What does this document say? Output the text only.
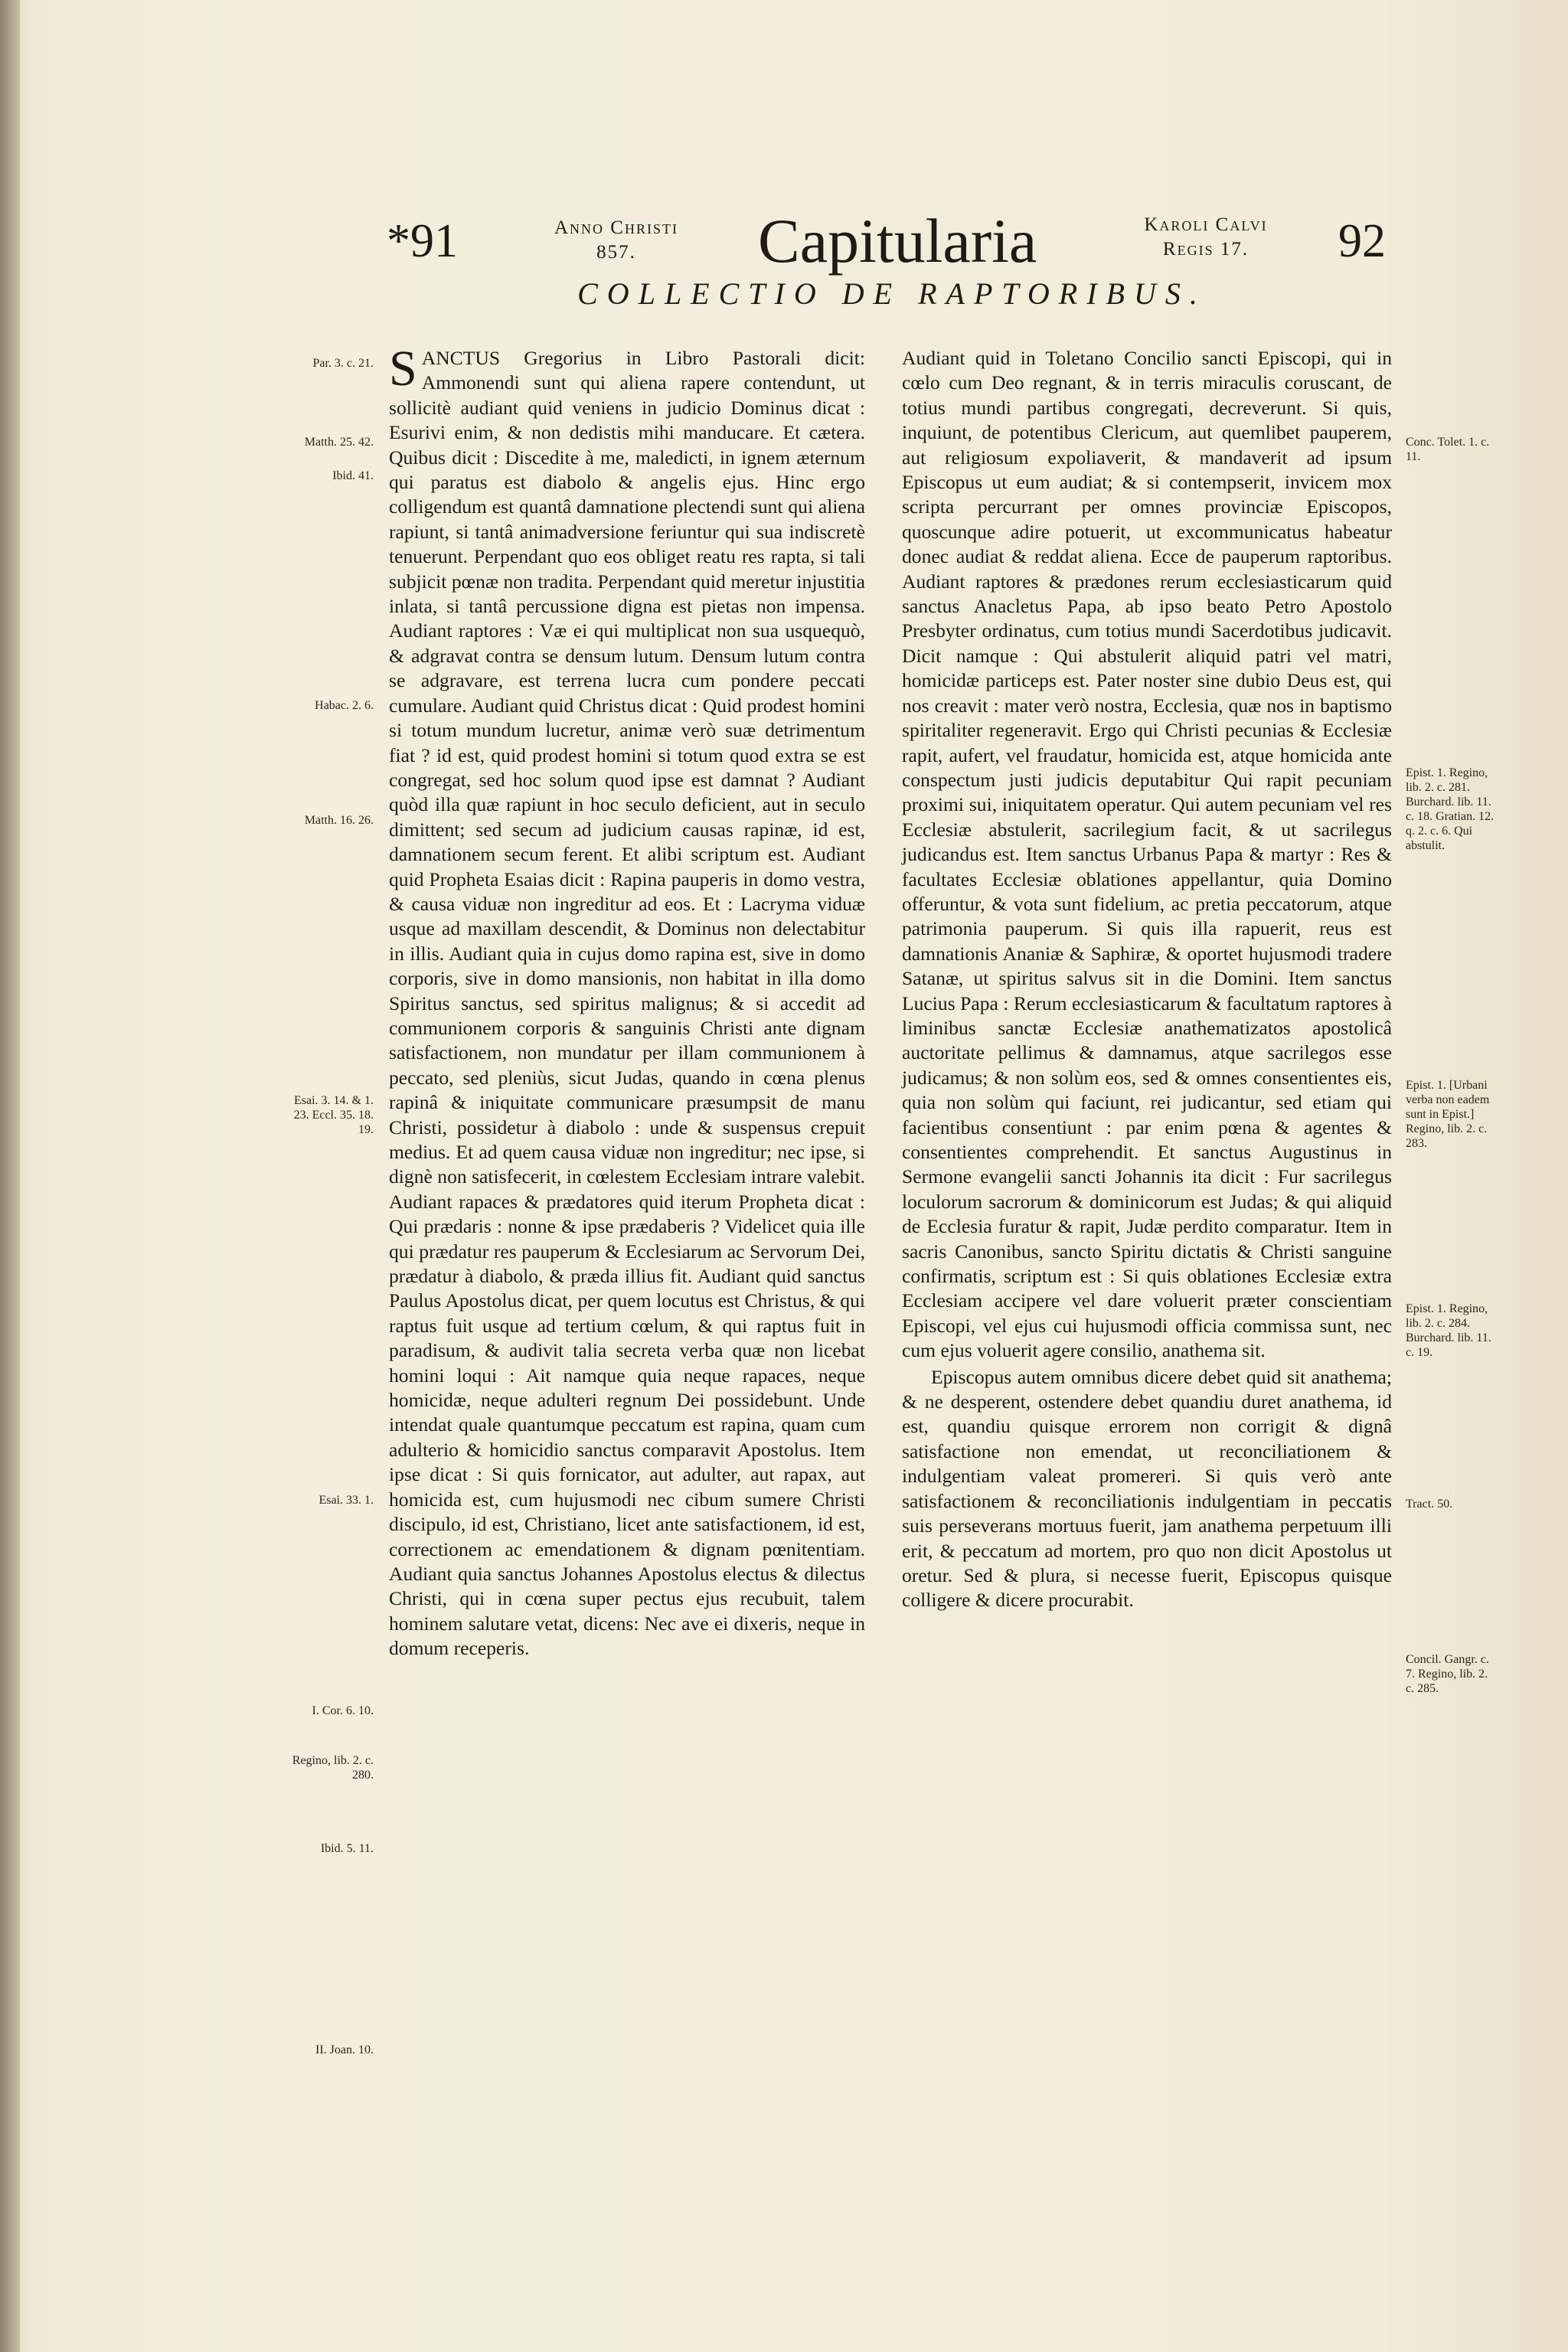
*91	Anno Christi
857.	Capitularia	Karoli Calvi
Regis 17.	92
COLLECTIO DE RAPTORIBUS.
Par. 3. c. 21.
Matth. 25. 42.
Ibid. 41.
Habac. 2. 6.
Matth. 16. 26.
Esai. 3. 14. & 1. 23. Eccl. 35. 18. 19.
Esai. 33. 1.
I. Cor. 6. 10.
Regino, lib. 2. c. 280.
Ibid. 5. 11.
II. Joan. 10.

SANCTUS Gregorius in Libro Pastorali dicit: Ammonendi sunt qui aliena rapere contendunt, ut sollicitè audiant quid veniens in judicio Dominus dicat : Esurivi enim, & non dedistis mihi manducare. Et cætera. Quibus dicit : Discedite à me, maledicti, in ignem æternum qui paratus est diabolo & angelis ejus. Hinc ergo colligendum est quantâ damnatione plectendi sunt qui aliena rapiunt, si tantâ animadversione feriuntur qui sua indiscretè tenuerunt. Perpendant quo eos obliget reatu res rapta, si tali subjicit pœnæ non tradita. Perpendant quid meretur injustitia inlata, si tantâ percussione digna est pietas non impensa. Audiant raptores : Væ ei qui multiplicat non sua usquequò, & adgravat contra se densum lutum. Densum lutum contra se adgravare, est terrena lucra cum pondere peccati cumulare. Audiant quid Christus dicat : Quid prodest homini si totum mundum lucretur, animæ verò suæ detrimentum fiat ? id est, quid prodest homini si totum quod extra se est congregat, sed hoc solum quod ipse est damnat ? Audiant quòd illa quæ rapiunt in hoc seculo deficient, aut in seculo dimittent; sed secum ad judicium causas rapinæ, id est, damnationem secum ferent. Et alibi scriptum est. Audiant quid Propheta Esaias dicit : Rapina pauperis in domo vestra, & causa viduæ non ingreditur ad eos. Et : Lacryma viduæ usque ad maxillam descendit, & Dominus non delectabitur in illis. Audiant quia in cujus domo rapina est, sive in domo corporis, sive in domo mansionis, non habitat in illa domo Spiritus sanctus, sed spiritus malignus; & si accedit ad communionem corporis & sanguinis Christi ante dignam satisfactionem, non mundatur per illam communionem à peccato, sed pleniùs, sicut Judas, quando in cœna plenus rapinâ & iniquitate communicare præsumpsit de manu Christi, possidetur à diabolo : unde & suspensus crepuit medius. Et ad quem causa viduæ non ingreditur; nec ipse, si dignè non satisfecerit, in cœlestem Ecclesiam intrare valebit. Audiant rapaces & prædatores quid iterum Propheta dicat : Qui prædaris : nonne & ipse prædaberis ? Videlicet quia ille qui prædatur res pauperum & Ecclesiarum ac Servorum Dei, prædatur à diabolo, & præda illius fit. Audiant quid sanctus Paulus Apostolus dicat, per quem locutus est Christus, & qui raptus fuit usque ad tertium cœlum, & qui raptus fuit in paradisum, & audivit talia secreta verba quæ non licebat homini loqui : Ait namque quia neque rapaces, neque homicidæ, neque adulteri regnum Dei possidebunt. Unde intendat quale quantumque peccatum est rapina, quam cum adulterio & homicidio sanctus comparavit Apostolus. Item ipse dicat : Si quis fornicator, aut adulter, aut rapax, aut homicida est, cum hujusmodi nec cibum sumere Christi discipulo, id est, Christiano, licet ante satisfactionem, id est, correctionem ac emendationem & dignam pœnitentiam. Audiant quia sanctus Johannes Apostolus electus & dilectus Christi, qui in cœna super pectus ejus recubuit, talem hominem salutare vetat, dicens: Nec ave ei dixeris, neque in domum receperis.

Audiant quid in Toletano Concilio sancti Episcopi, qui in cœlo cum Deo regnant, & in terris miraculis coruscant, de totius mundi partibus congregati, decreverunt. Si quis, inquiunt, de potentibus Clericum, aut quemlibet pauperem, aut religiosum expoliaverit, & mandaverit ad ipsum Episcopus ut eum audiat; & si contempserit, invicem mox scripta percurrant per omnes provinciæ Episcopos, quoscunque adire potuerit, ut excommunicatus habeatur donec audiat & reddat aliena. Ecce de pauperum raptoribus. Audiant raptores & prædones rerum ecclesiasticarum quid sanctus Anacletus Papa, ab ipso beato Petro Apostolo Presbyter ordinatus, cum totius mundi Sacerdotibus judicavit. Dicit namque : Qui abstulerit aliquid patri vel matri, homicidæ particeps est. Pater noster sine dubio Deus est, qui nos creavit : mater verò nostra, Ecclesia, quæ nos in baptismo spiritaliter regeneravit. Ergo qui Christi pecunias & Ecclesiæ rapit, aufert, vel fraudatur, homicida est, atque homicida ante conspectum justi judicis deputabitur Qui rapit pecuniam proximi sui, iniquitatem operatur. Qui autem pecuniam vel res Ecclesiæ abstulerit, sacrilegium facit, & ut sacrilegus judicandus est. Item sanctus Urbanus Papa & martyr : Res & facultates Ecclesiæ oblationes appellantur, quia Domino offeruntur, & vota sunt fidelium, ac pretia peccatorum, atque patrimonia pauperum. Si quis illa rapuerit, reus est damnationis Ananiæ & Saphiræ, & oportet hujusmodi tradere Satanæ, ut spiritus salvus sit in die Domini. Item sanctus Lucius Papa : Rerum ecclesiasticarum & facultatum raptores à liminibus sanctæ Ecclesiæ anathematizatos apostolicâ auctoritate pellimus & damnamus, atque sacrilegos esse judicamus; & non solùm eos, sed & omnes consentientes eis, quia non solùm qui faciunt, rei judicantur, sed etiam qui facientibus consentiunt : par enim pœna & agentes & consentientes comprehendit. Et sanctus Augustinus in Sermone evangelii sancti Johannis ita dicit : Fur sacrilegus loculorum sacrorum & dominicorum est Judas; & qui aliquid de Ecclesia furatur & rapit, Judæ perdito comparatur. Item in sacris Canonibus, sancto Spiritu dictatis & Christi sanguine confirmatis, scriptum est : Si quis oblationes Ecclesiæ extra Ecclesiam accipere vel dare voluerit præter conscientiam Episcopi, vel ejus cui hujusmodi officia commissa sunt, nec cum ejus voluerit agere consilio, anathema sit.

Episcopus autem omnibus dicere debet quid sit anathema; & ne desperent, ostendere debet quandiu duret anathema, id est, quandiu quisque errorem non corrigit & dignâ satisfactione non emendat, ut reconciliationem & indulgentiam valeat promereri. Si quis verò ante satisfactionem & reconciliationis indulgentiam in peccatis suis perseverans mortuus fuerit, jam anathema perpetuum illi erit, & peccatum ad mortem, pro quo non dicit Apostolus ut oretur. Sed & plura, si necesse fuerit, Episcopus quisque colligere & dicere procurabit.

Conc. Tolet. 1. c. 11.
Epist. 1. Regino, lib. 2. c. 281. Burchard. lib. 11. c. 18. Gratian. 12. q. 2. c. 6. Qui abstulit.
Epist. 1. [Urbani verba non eadem sunt in Epist.] Regino, lib. 2. c. 283.
Epist. 1. Regino, lib. 2. c. 284. Burchard. lib. 11. c. 19.
Tract. 50.
Concil. Gangr. c. 7. Regino, lib. 2. c. 285.
